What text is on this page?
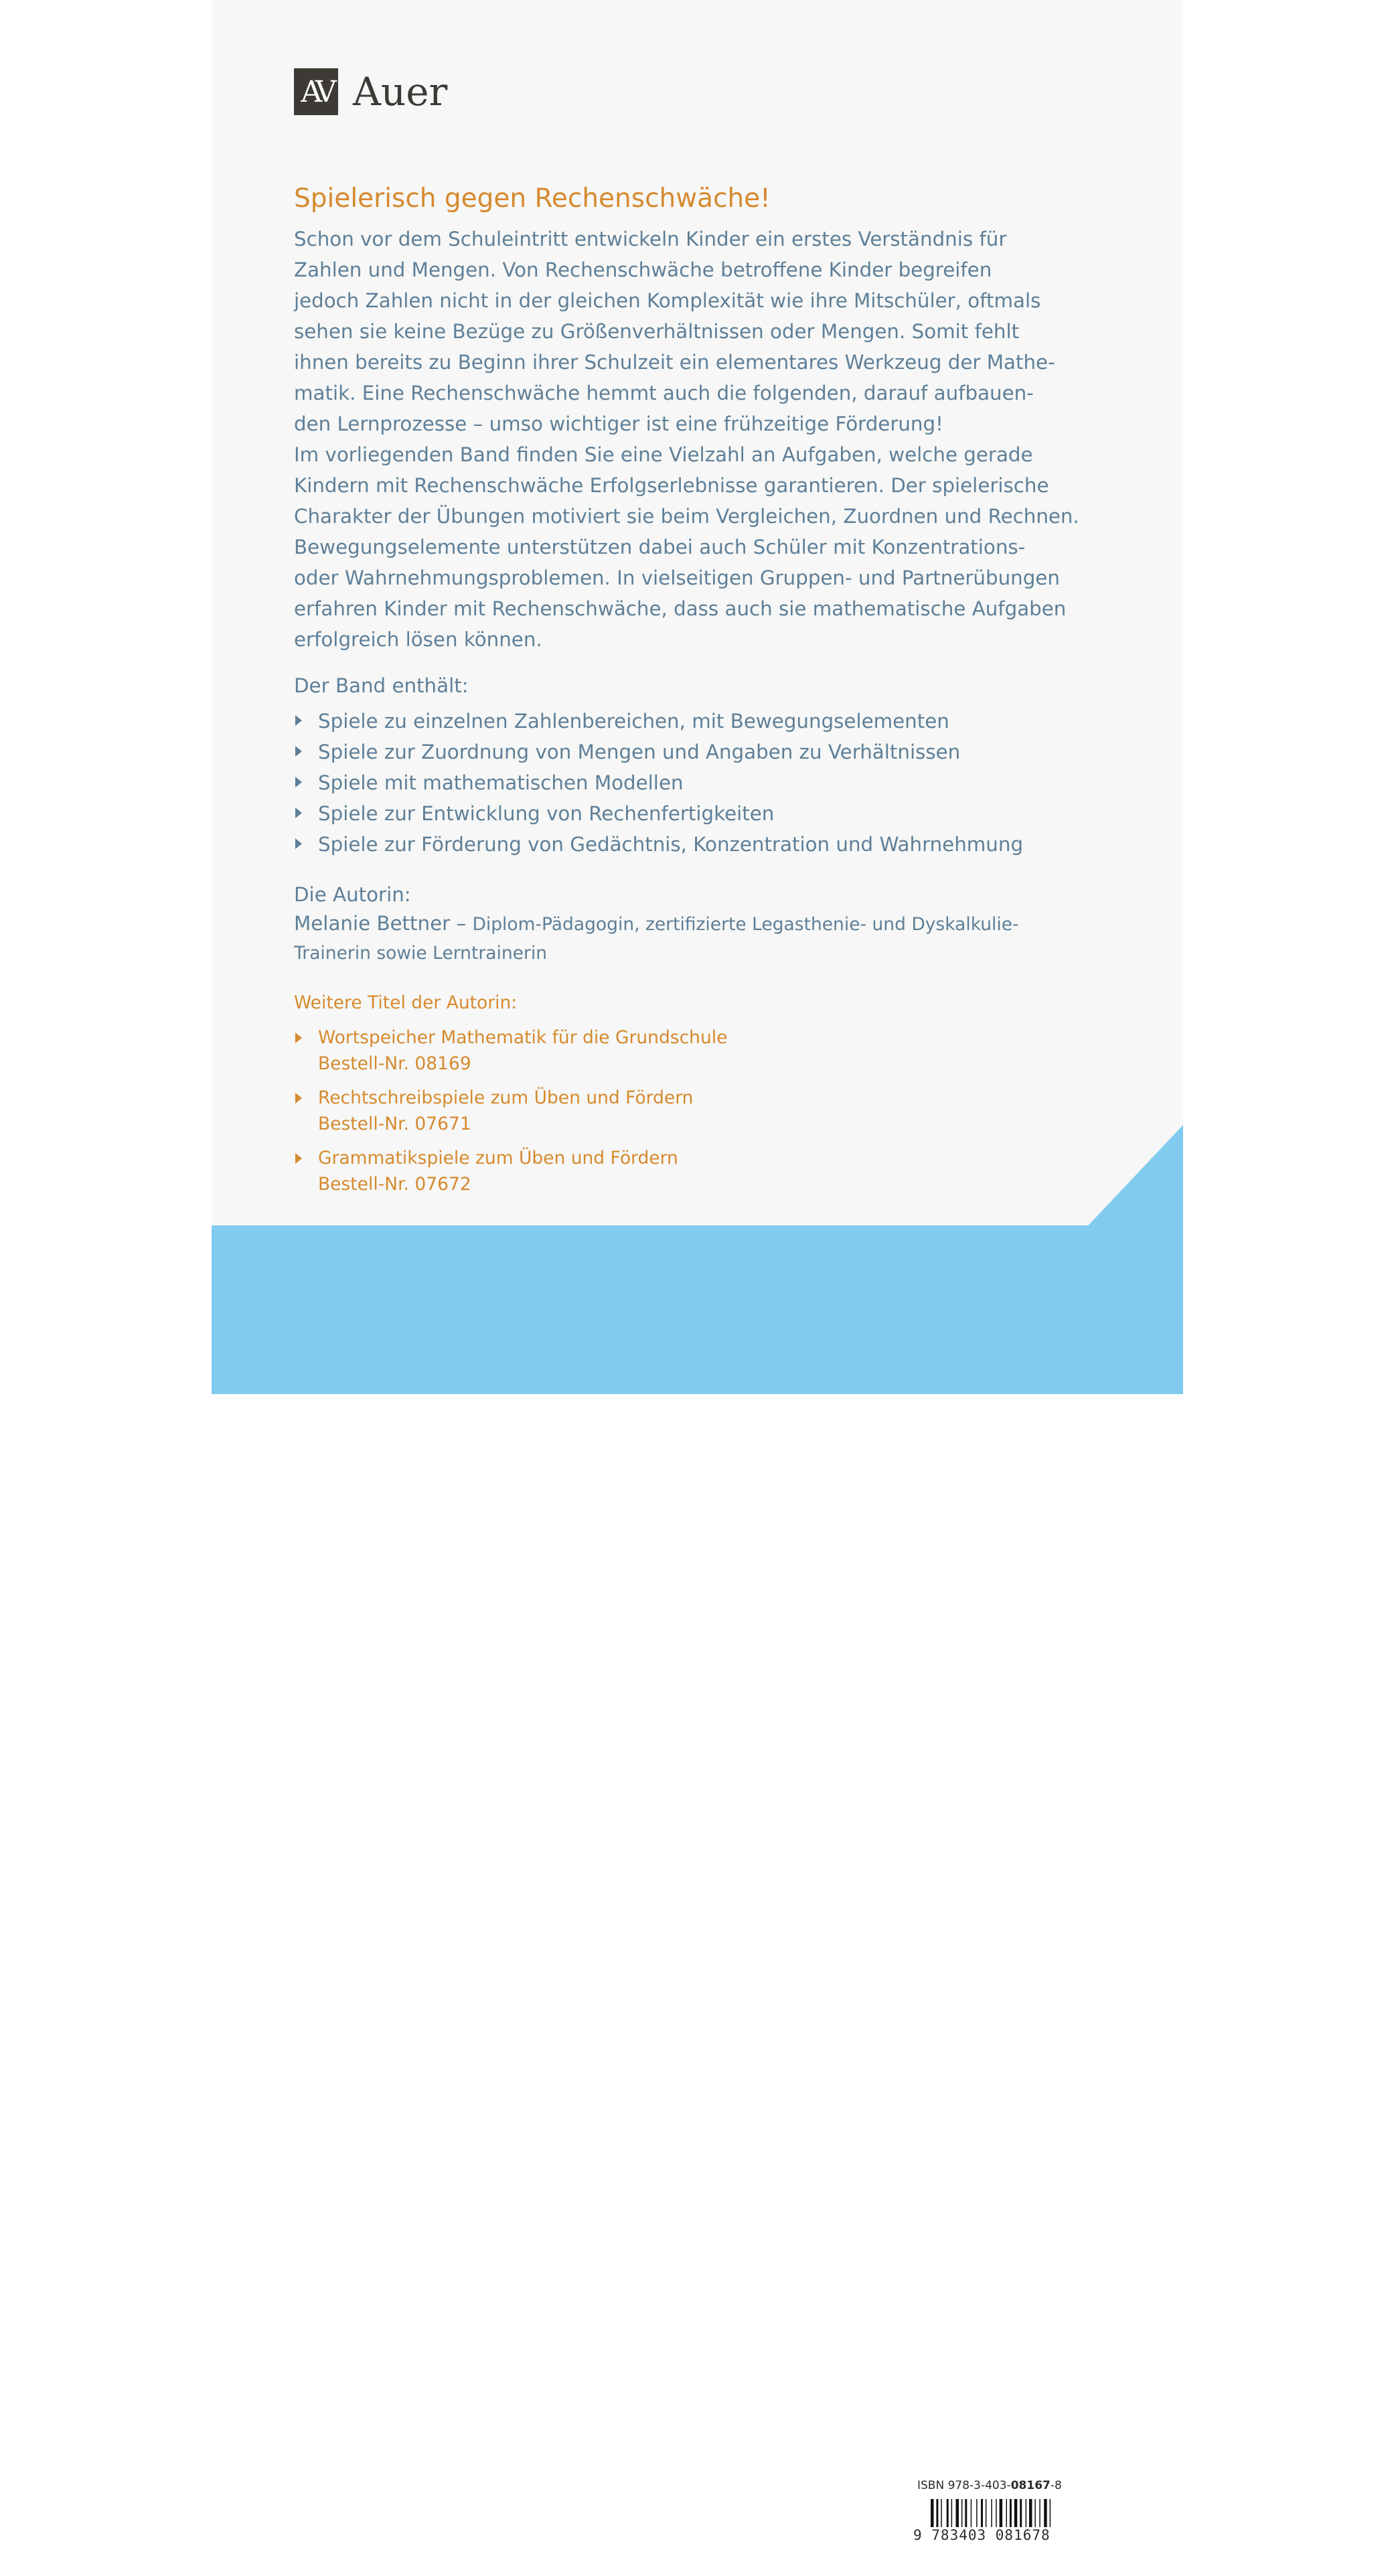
AV Auer
Spielerisch gegen Rechenschwäche!

Schon vor dem Schuleintritt entwickeln Kinder ein erstes Verständnis für

Zahlen und Mengen. Von Rechenschwäche betroffene Kinder begreifen

jedoch Zahlen nicht in der gleichen Komplexität wie ihre Mitschüler, oftmals

sehen sie keine Bezüge zu Größenverhältnissen oder Mengen. Somit fehlt

ihnen bereits zu Beginn ihrer Schulzeit ein elementares Werkzeug der Mathe-

matik. Eine Rechenschwäche hemmt auch die folgenden, darauf aufbauen-

den Lernprozesse – umso wichtiger ist eine frühzeitige Förderung!

Im vorliegenden Band finden Sie eine Vielzahl an Aufgaben, welche gerade

Kindern mit Rechenschwäche Erfolgserlebnisse garantieren. Der spielerische

Charakter der Übungen motiviert sie beim Vergleichen, Zuordnen und Rechnen.

Bewegungselemente unterstützen dabei auch Schüler mit Konzentrations-

oder Wahrnehmungsproblemen. In vielseitigen Gruppen- und Partnerübungen

erfahren Kinder mit Rechenschwäche, dass auch sie mathematische Aufgaben

erfolgreich lösen können.

Der Band enthält:
Spiele zu einzelnen Zahlenbereichen, mit Bewegungselementen
Spiele zur Zuordnung von Mengen und Angaben zu Verhältnissen
Spiele mit mathematischen Modellen
Spiele zur Entwicklung von Rechenfertigkeiten
Spiele zur Förderung von Gedächtnis, Konzentration und Wahrnehmung
Die Autorin:
Melanie Bettner – Diplom-Pädagogin, zertifizierte Legasthenie- und Dyskalkulie-
Trainerin sowie Lerntrainerin
Weitere Titel der Autorin:
Wortspeicher Mathematik für die Grundschule
Bestell-Nr. 08169
Rechtschreibspiele zum Üben und Fördern
Bestell-Nr. 07671
Grammatikspiele zum Üben und Fördern
Bestell-Nr. 07672
Immer besser unterrichten
ISBN 978-3-403-08167-8
9 783403 081678
www.auer-verlag.de
